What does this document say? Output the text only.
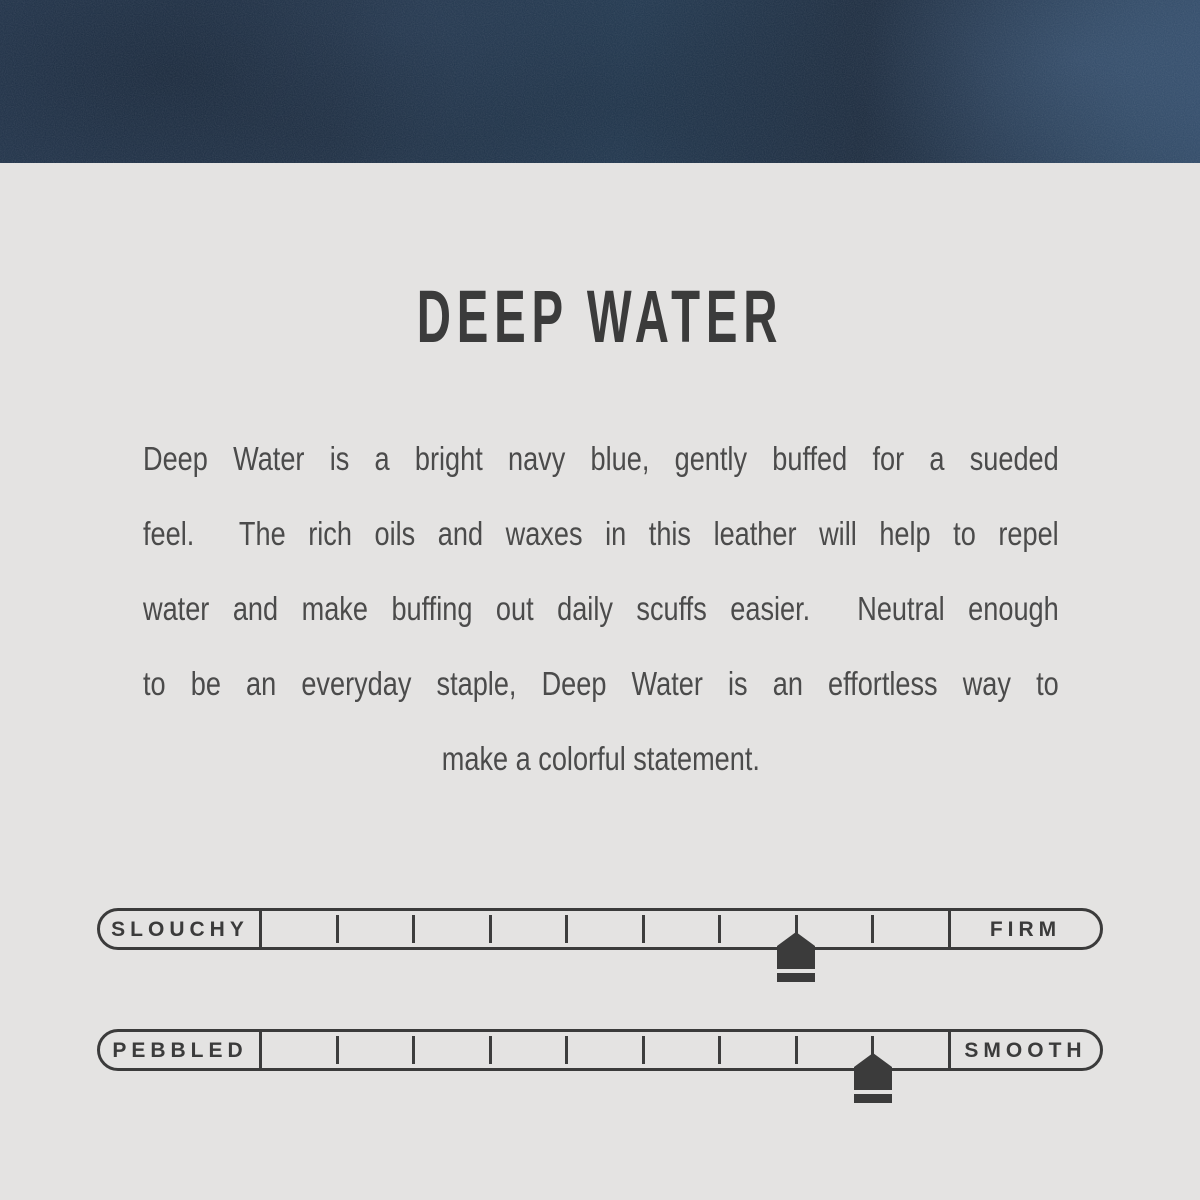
DEEP WATER
Deep Water is a bright navy blue, gently buffed for a sueded
feel.  The rich oils and waxes in this leather will help to repel
water and make buffing out daily scuffs easier.  Neutral enough
to be an everyday staple, Deep Water is an effortless way to
make a colorful statement.
SLOUCHY	FIRM
PEBBLED	SMOOTH
